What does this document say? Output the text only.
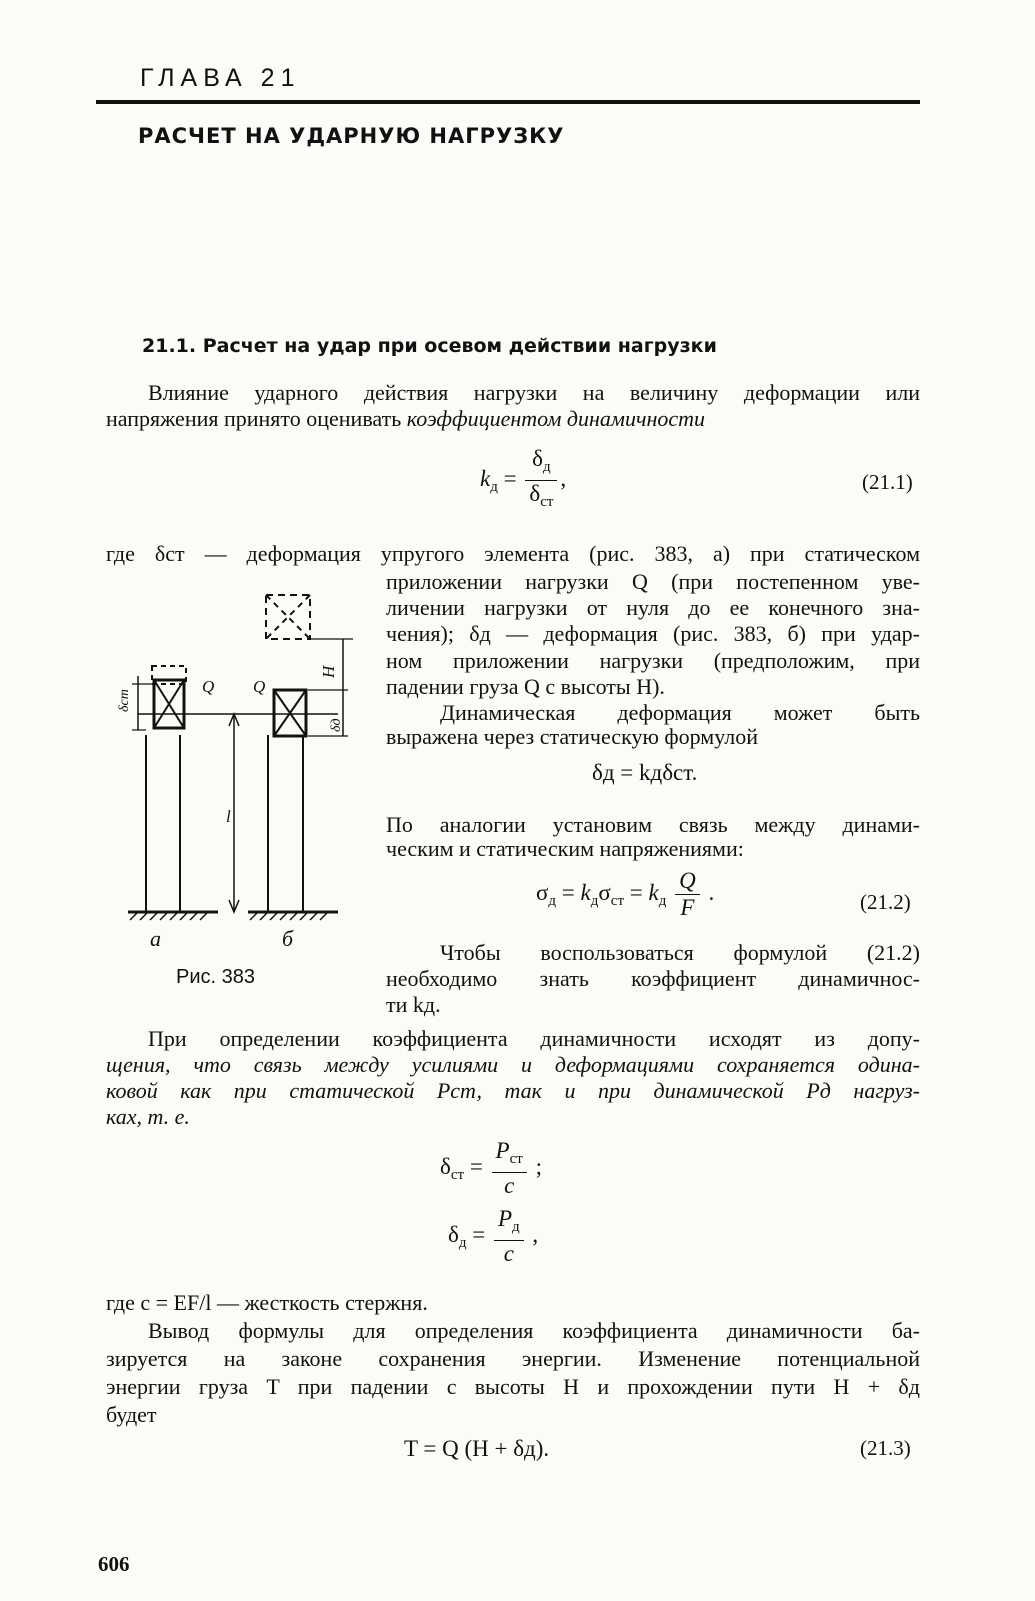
ГЛАВА 21
РАСЧЕТ НА УДАРНУЮ НАГРУЗКУ
21.1. Расчет на удар при осевом действии нагрузки
Влияние ударного действия нагрузки на величину деформации или
напряжения принято оценивать коэффициентом динамичности
$k_д = \frac{\delta_д}{\delta_{ст}}$ ,	(21.1)
где δст — деформация упругого элемента (рис. 383, а) при статическом
приложении нагрузки Q (при постепенном уве-
личении нагрузки от нуля до ее конечного зна-
чения); δд — деформация (рис. 383, б) при удар-
ном приложении нагрузки (предположим, при
падении груза Q с высоты H).
Динамическая деформация может быть
выражена через статическую формулой
δд = kдδст.
По аналогии установим связь между динами-
ческим и статическим напряжениями:
$\sigma_д = k_д\sigma_{ст} = k_д \frac{Q}{F}$ .	(21.2)
Чтобы воспользоваться формулой (21.2)
необходимо знать коэффициент динамичнос-
ти kд.
Q Q
l
H
δст
δд
а	б
Рис. 383
При определении коэффициента динамичности исходят из допу-
щения, что связь между усилиями и деформациями сохраняется одина-
ковой как при статической Pст, так и при динамической Pд нагруз-
ках, т. е.
$\delta_{ст} = \frac{P_{ст}}{c}$ ;
$\delta_д = \frac{P_д}{c}$ ,
где c = EF/l — жесткость стержня.
Вывод формулы для определения коэффициента динамичности ба-
зируется на законе сохранения энергии. Изменение потенциальной
энергии груза T при падении с высоты H и прохождении пути H + δд
будет
T = Q (H + δд).	(21.3)
606
